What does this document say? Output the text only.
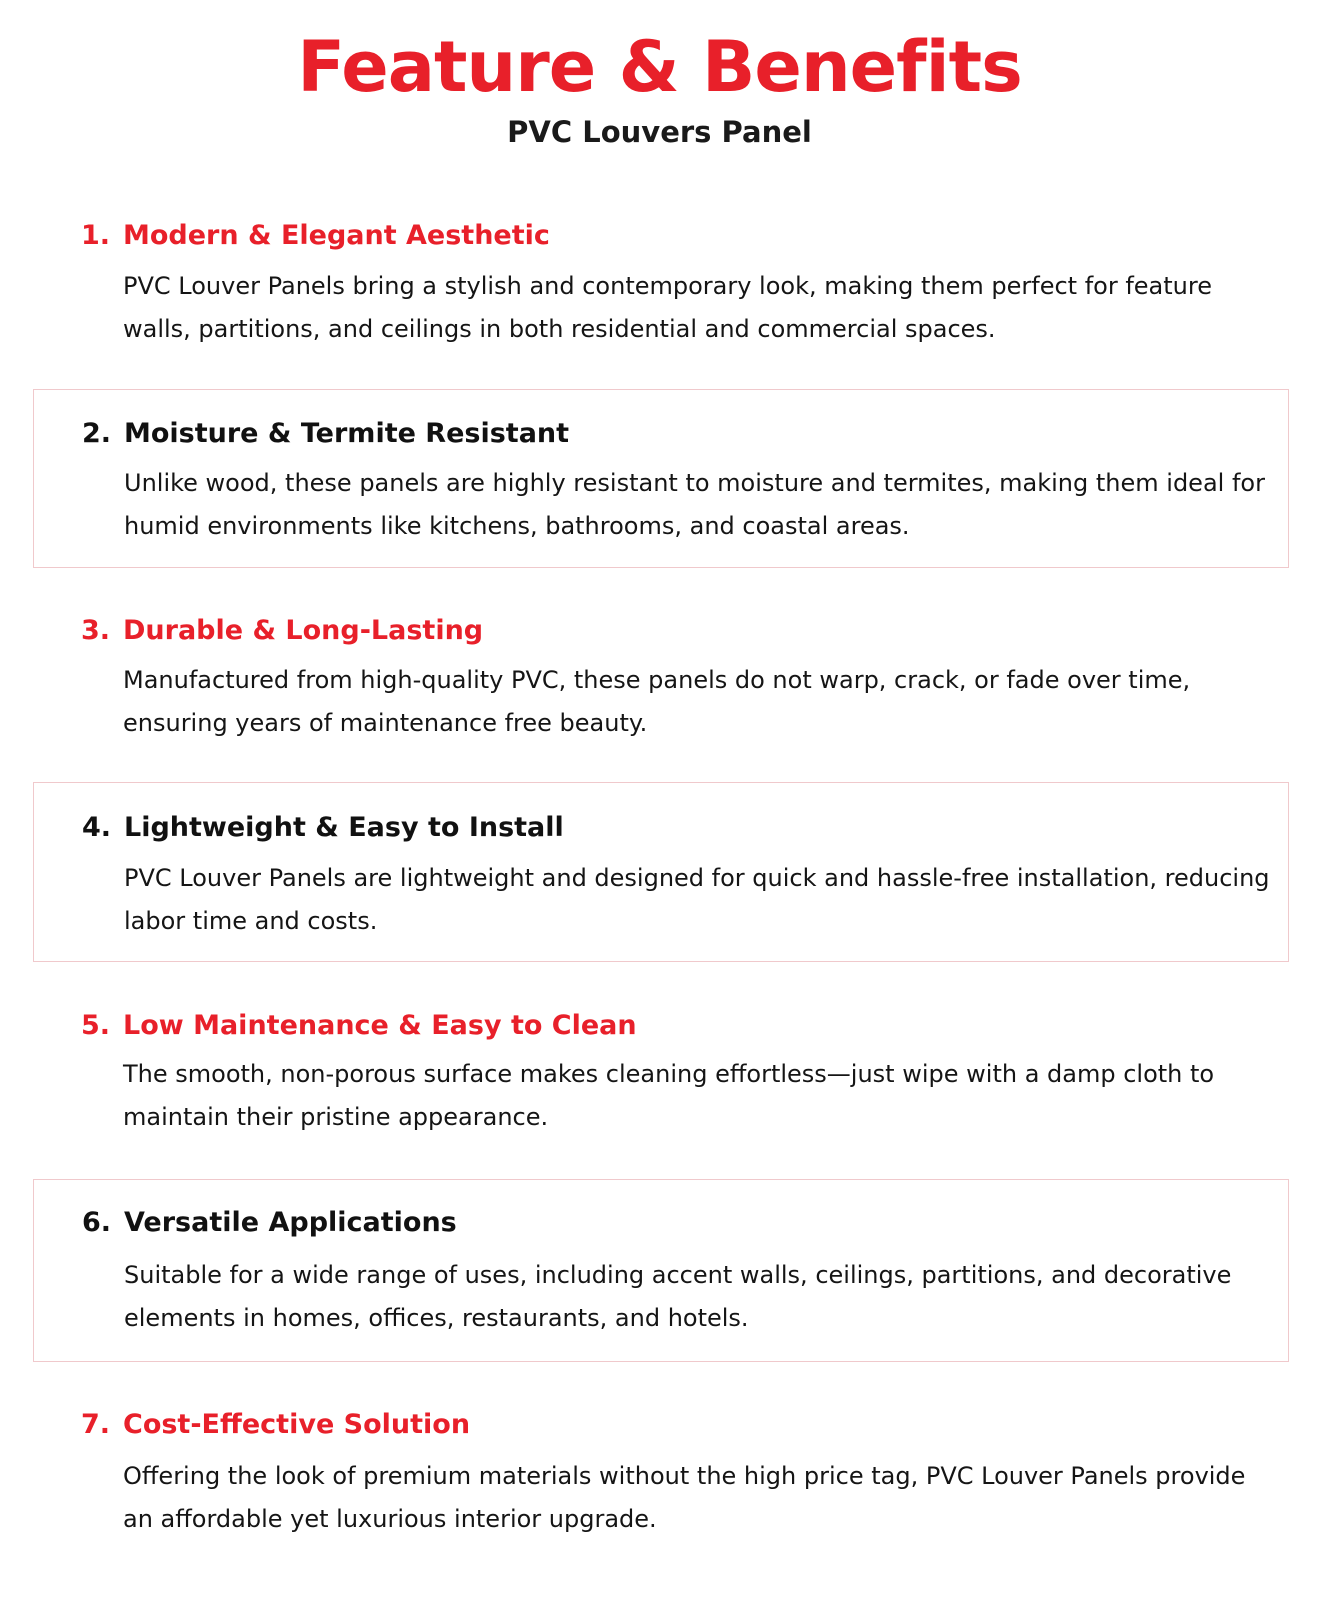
Feature & Benefits
PVC Louvers Panel
1. Modern & Elegant Aesthetic

PVC Louver Panels bring a stylish and contemporary look, making them perfect for feature walls, partitions, and ceilings in both residential and commercial spaces.

2. Moisture & Termite Resistant

Unlike wood, these panels are highly resistant to moisture and termites, making them ideal for humid environments like kitchens, bathrooms, and coastal areas.

3. Durable & Long-Lasting

Manufactured from high-quality PVC, these panels do not warp, crack, or fade over time, ensuring years of maintenance free beauty.

4. Lightweight & Easy to Install

PVC Louver Panels are lightweight and designed for quick and hassle-free installation, reducing labor time and costs.

5. Low Maintenance & Easy to Clean

The smooth, non-porous surface makes cleaning effortless—just wipe with a damp cloth to maintain their pristine appearance.

6. Versatile Applications

Suitable for a wide range of uses, including accent walls, ceilings, partitions, and decorative elements in homes, offices, restaurants, and hotels.

7. Cost-Effective Solution

Offering the look of premium materials without the high price tag, PVC Louver Panels provide an affordable yet luxurious interior upgrade.
